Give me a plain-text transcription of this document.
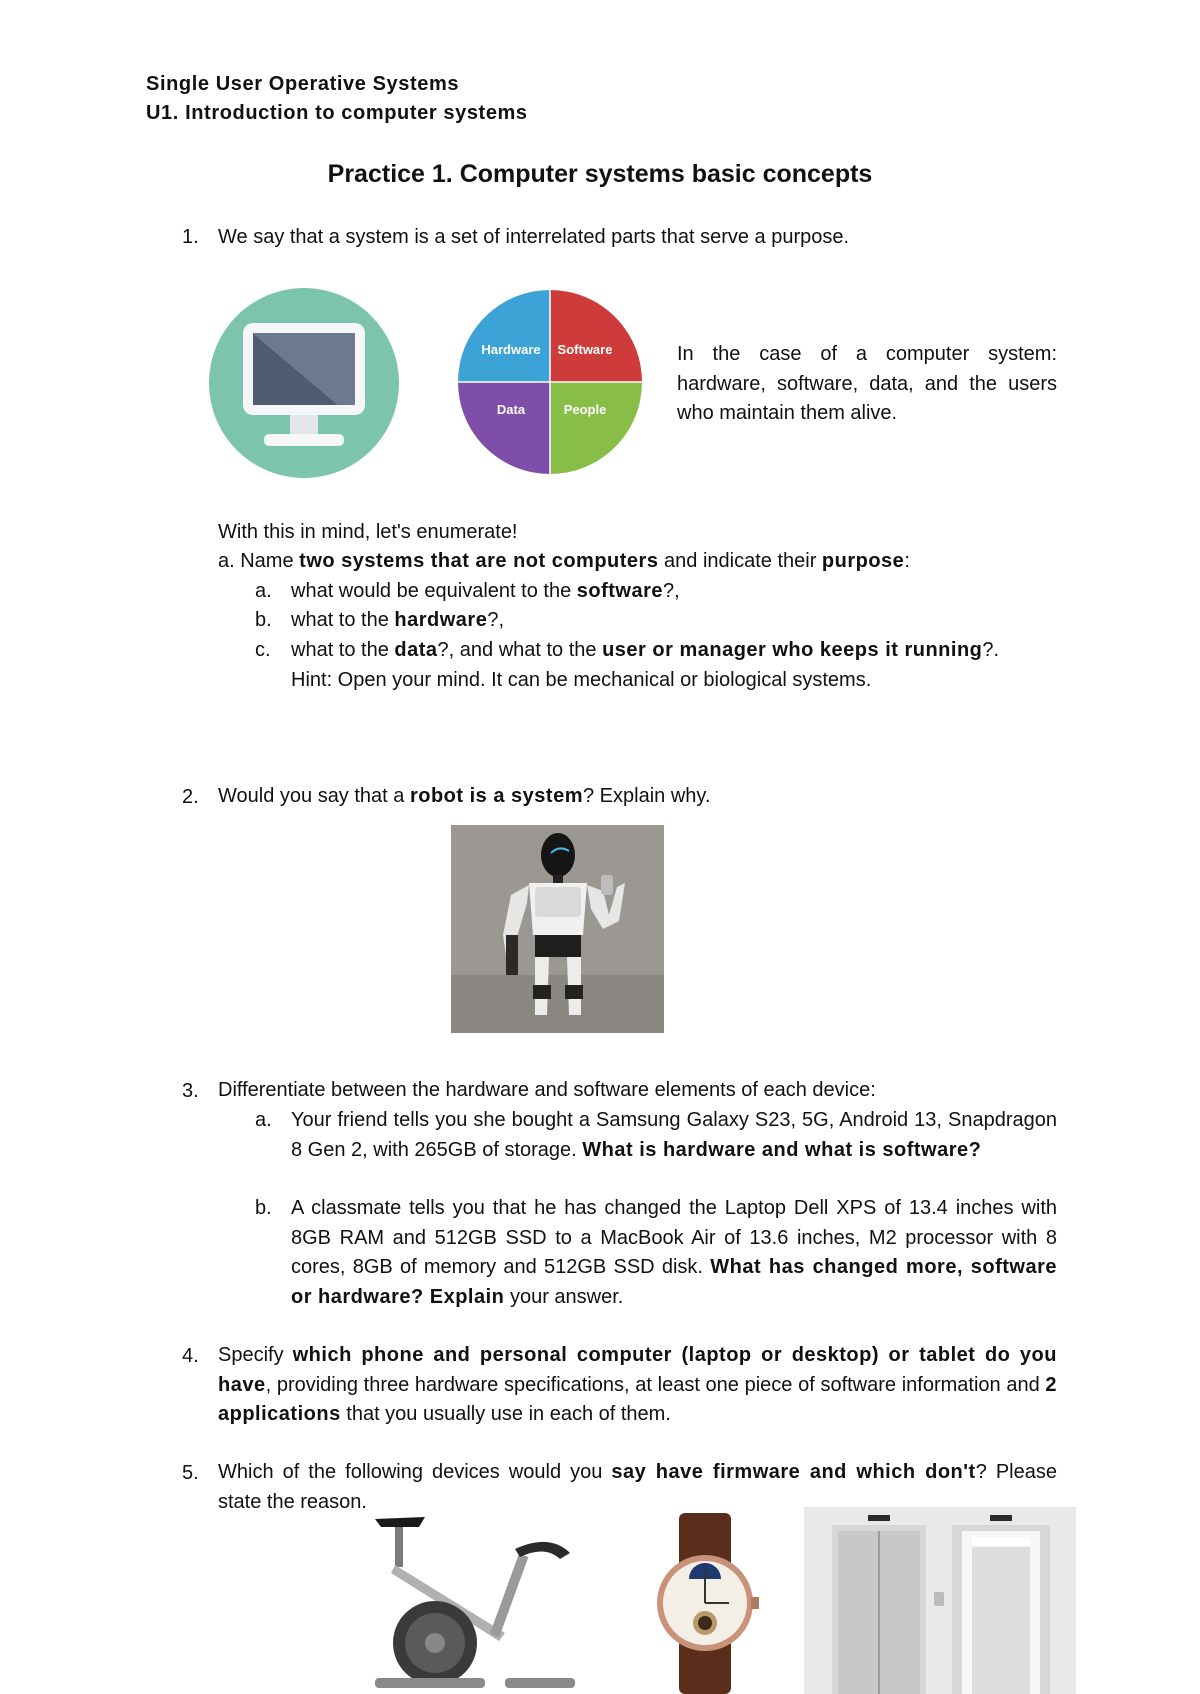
Single User Operative Systems
U1. Introduction to computer systems
Practice 1. Computer systems basic concepts
1. We say that a system is a set of interrelated parts that serve a purpose.
Hardware Software
Data	People
In the case of a computer system: hardware, software, data, and the users who maintain them alive.
With this in mind, let's enumerate!
a. Name two systems that are not computers and indicate their purpose:
a. what would be equivalent to the software?,
b. what to the hardware?,
c. what to the data?, and what to the user or manager who keeps it running?.
Hint: Open your mind. It can be mechanical or biological systems.
2. Would you say that a robot is a system? Explain why.
3. Differentiate between the hardware and software elements of each device:
a. Your friend tells you she bought a Samsung Galaxy S23, 5G, Android 13, Snapdragon 8 Gen 2, with 265GB of storage. What is hardware and what is software?
b. A classmate tells you that he has changed the Laptop Dell XPS of 13.4 inches with 8GB RAM and 512GB SSD to a MacBook Air of 13.6 inches, M2 processor with 8 cores, 8GB of memory and 512GB SSD disk. What has changed more, software or hardware? Explain your answer.
4. Specify which phone and personal computer (laptop or desktop) or tablet do you have, providing three hardware specifications, at least one piece of software information and 2 applications that you usually use in each of them.
5. Which of the following devices would you say have firmware and which don't? Please state the reason.
